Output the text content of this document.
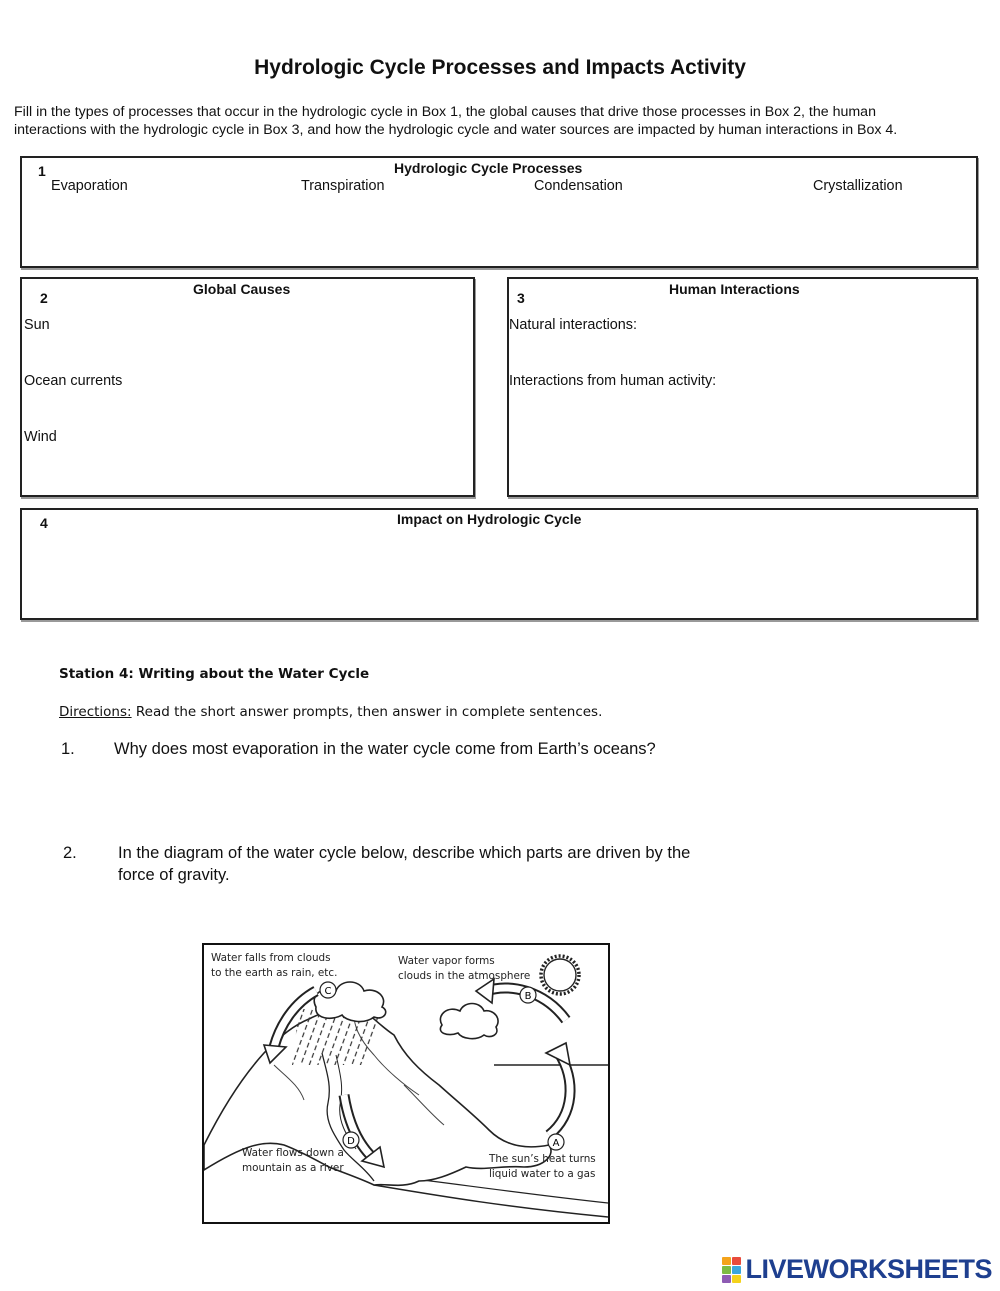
Hydrologic Cycle Processes and Impacts Activity
Fill in the types of processes that occur in the hydrologic cycle in Box 1, the global causes that drive those processes in Box 2, the human
interactions with the hydrologic cycle in Box 3, and how the hydrologic cycle and water sources are impacted by human interactions in Box 4.
1	Hydrologic Cycle Processes
Evaporation	Transpiration	Condensation	Crystallization
2
Global Causes
Sun
Ocean currents
Wind
3
Human Interactions
Natural interactions:
Interactions from human activity:
4	Impact on Hydrologic Cycle
Station 4: Writing about the Water Cycle
Directions: Read the short answer prompts, then answer in complete sentences.
1. Why does most evaporation in the water cycle come from Earth’s oceans?
2. In the diagram of the water cycle below, describe which parts are driven by the
force of gravity.
A
B
C
D
Water falls from clouds
to the earth as rain, etc.
Water vapor forms
clouds in the atmosphere
Water flows down a
mountain as a river
The sun’s heat turns
liquid water to a gas
LIVEWORKSHEETS
